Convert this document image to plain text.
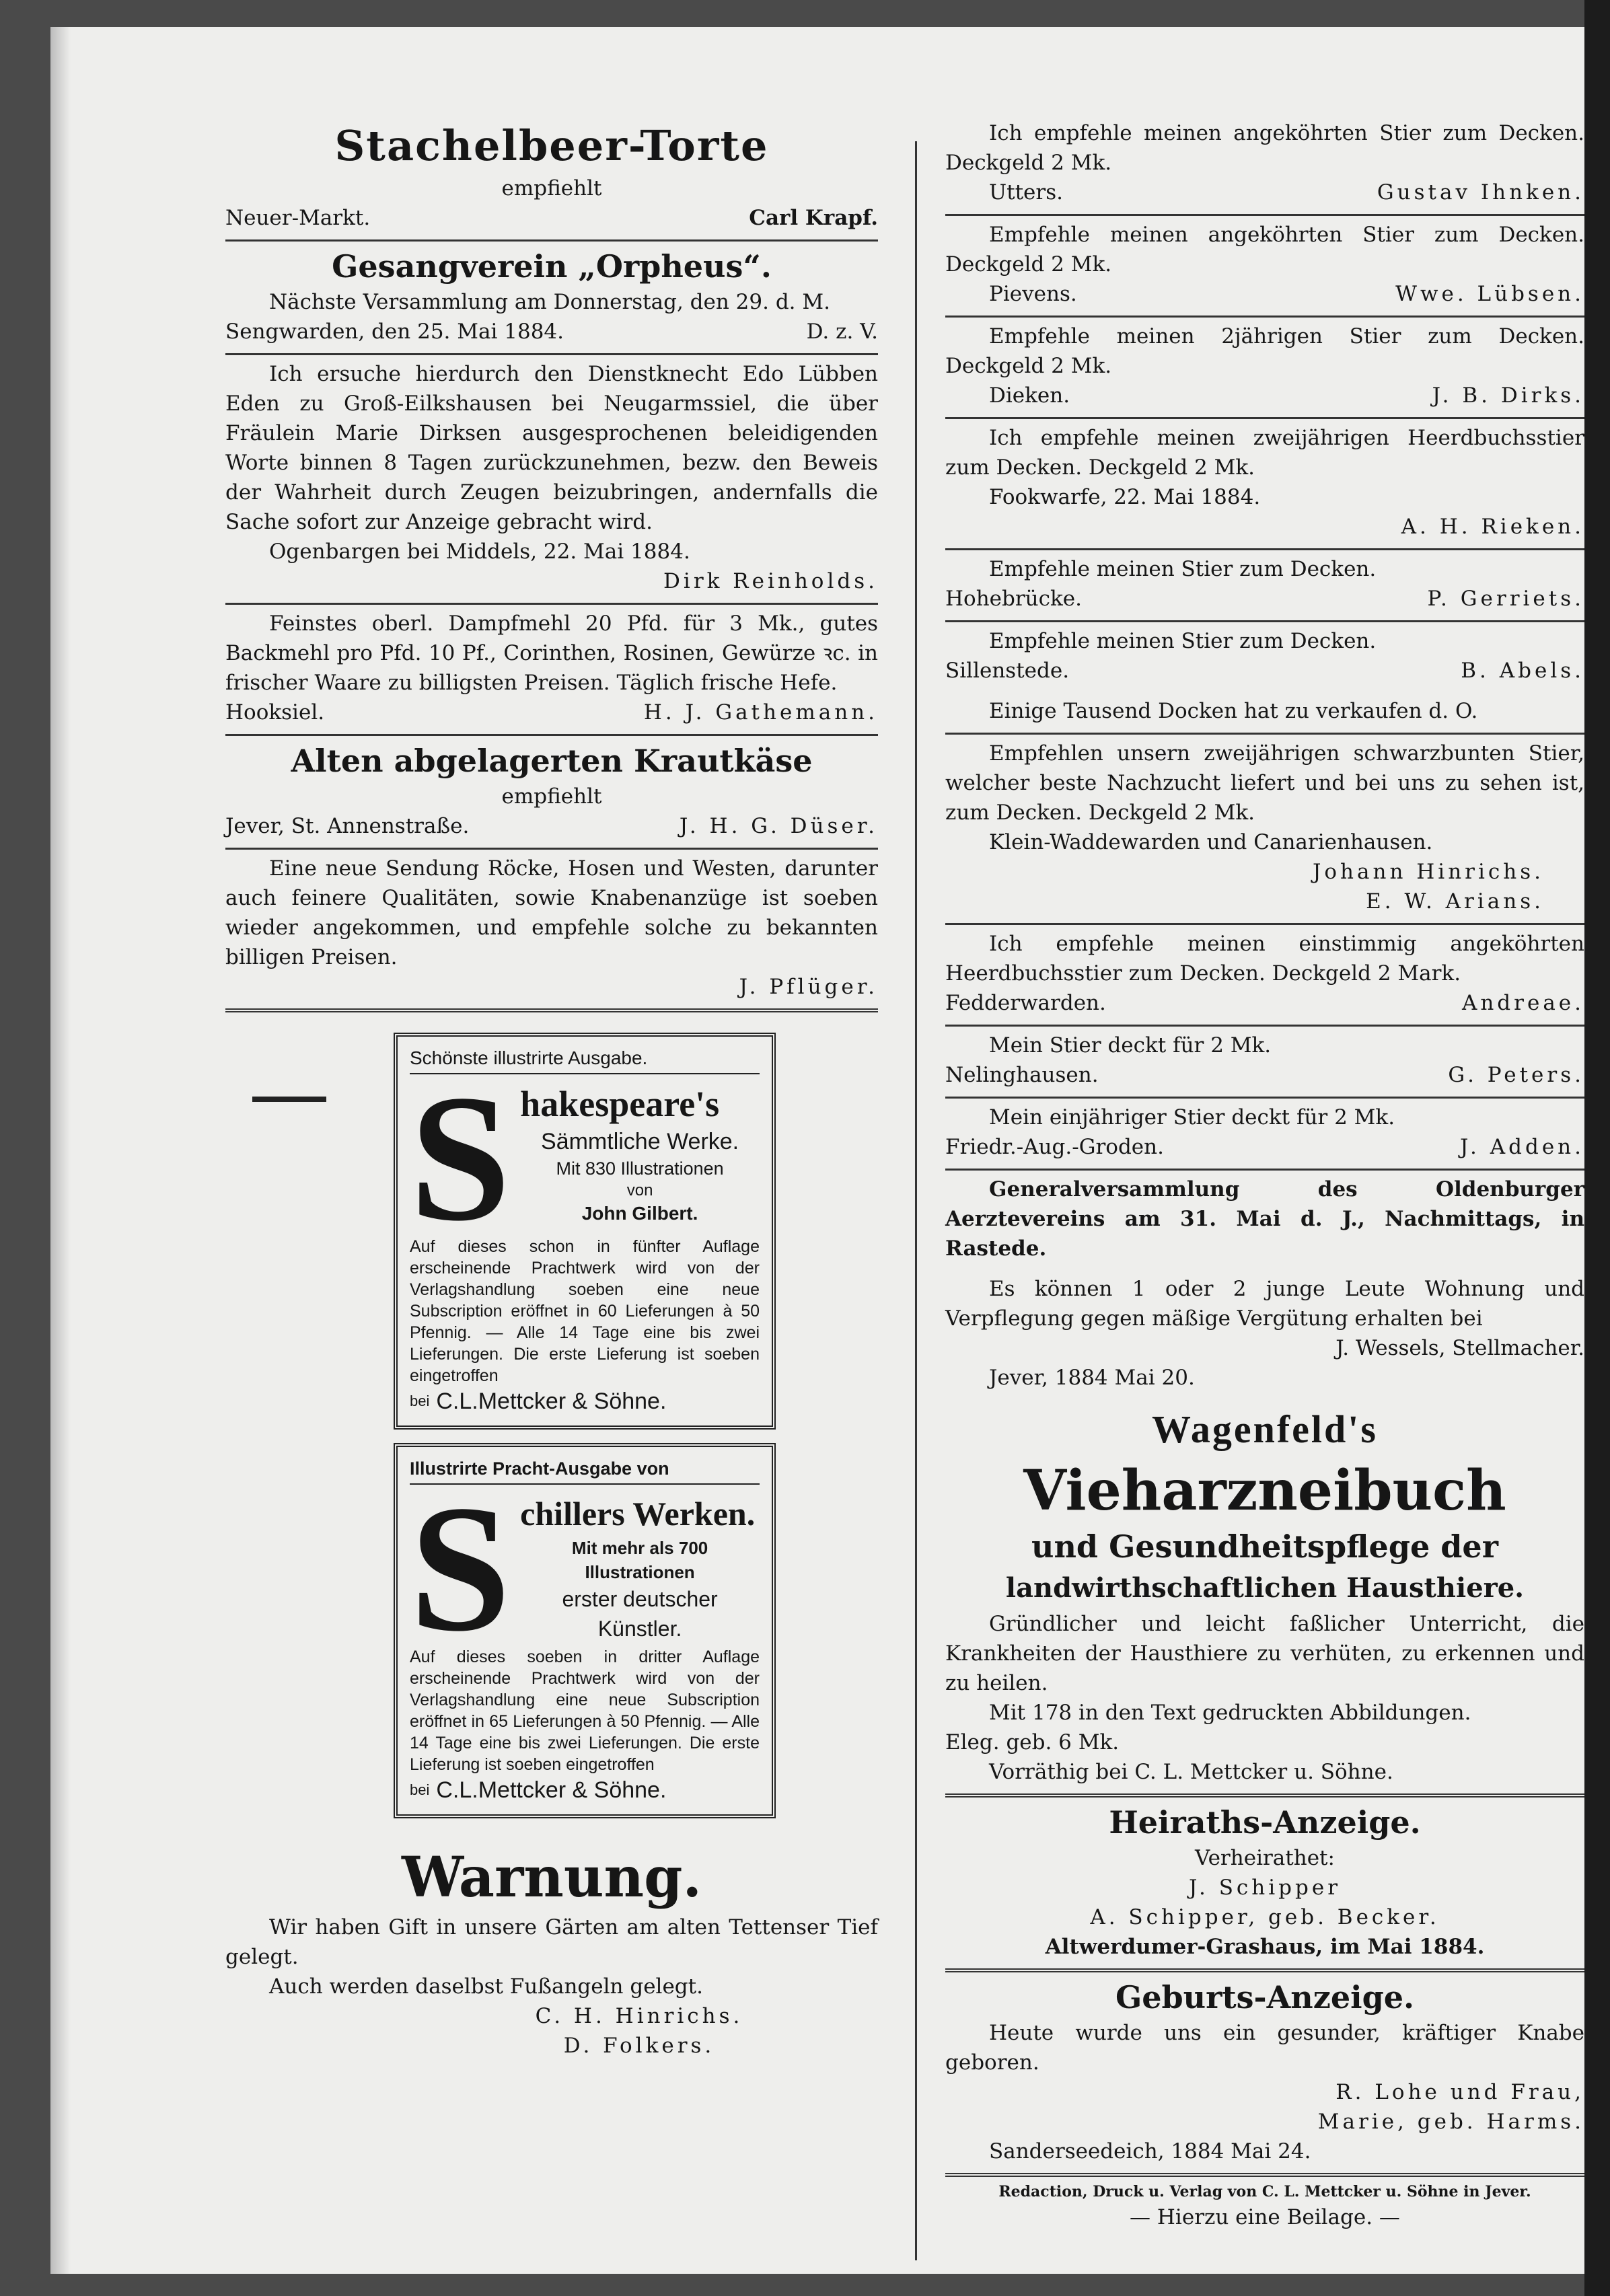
Stachelbeer-Torte

empfiehlt

Neuer-Markt.	Carl Krapf.

Gesangverein „Orpheus“.

Nächste Versammlung am Donnerstag, den 29. d. M.

Sengwarden, den 25. Mai 1884.	D. z. V.

Ich ersuche hierdurch den Dienstknecht Edo Lübben Eden zu Groß-Eilkshausen bei Neugarmssiel, die über Fräulein Marie Dirksen ausgesprochenen beleidigenden Worte binnen 8 Tagen zurückzunehmen, bezw. den Beweis der Wahrheit durch Zeugen beizubringen, andernfalls die Sache sofort zur Anzeige gebracht wird.

Ogenbargen bei Middels, 22. Mai 1884.

Dirk Reinholds.

Feinstes oberl. Dampfmehl 20 Pfd. für 3 Mk., gutes Backmehl pro Pfd. 10 Pf., Corinthen, Rosinen, Gewürze ꝛc. in frischer Waare zu billigsten Preisen. Täglich frische Hefe.

Hooksiel.	H. J. Gathemann.

Alten abgelagerten Krautkäse

empfiehlt

Jever, St. Annenstraße.	J. H. G. Düser.

Eine neue Sendung Röcke, Hosen und Westen, darunter auch feinere Qualitäten, sowie Knabenanzüge ist soeben wieder angekommen, und empfehle solche zu bekannten billigen Preisen.

J. Pflüger.

Schönste illustrirte Ausgabe.

S hakespeare's

Sämmtliche Werke.

Mit 830 Illustrationen

von

John Gilbert.

Auf dieses schon in fünfter Auflage erscheinende Prachtwerk wird von der Verlagshandlung soeben eine neue Subscription eröffnet in 60 Lieferungen à 50 Pfennig. — Alle 14 Tage eine bis zwei Lieferungen. Die erste Lieferung ist soeben eingetroffen

bei C.L.Mettcker & Söhne.

Illustrirte Pracht-Ausgabe von

S chillers Werken.

Mit mehr als 700 Illustrationen

erster deutscher Künstler.

Auf dieses soeben in dritter Auflage erscheinende Prachtwerk wird von der Verlagshandlung eine neue Subscription eröffnet in 65 Lieferungen à 50 Pfennig. — Alle 14 Tage eine bis zwei Lieferungen. Die erste Lieferung ist soeben eingetroffen

bei C.L.Mettcker & Söhne.

Warnung.

Wir haben Gift in unsere Gärten am alten Tettenser Tief gelegt.

Auch werden daselbst Fußangeln gelegt.

C. H. Hinrichs.

D. Folkers.

Ich empfehle meinen angeköhrten Stier zum Decken. Deckgeld 2 Mk.

Utters.	Gustav Ihnken.

Empfehle meinen angeköhrten Stier zum Decken. Deckgeld 2 Mk.

Pievens.	Wwe. Lübsen.

Empfehle meinen 2jährigen Stier zum Decken. Deckgeld 2 Mk.

Dieken.	J. B. Dirks.

Ich empfehle meinen zweijährigen Heerdbuchsstier zum Decken. Deckgeld 2 Mk.

Fookwarfe, 22. Mai 1884.

A. H. Rieken.

Empfehle meinen Stier zum Decken.

Hohebrücke.	P. Gerriets.

Empfehle meinen Stier zum Decken.

Sillenstede.	B. Abels.

Einige Tausend Docken hat zu verkaufen d. O.

Empfehlen unsern zweijährigen schwarzbunten Stier, welcher beste Nachzucht liefert und bei uns zu sehen ist, zum Decken. Deckgeld 2 Mk.

Klein-Waddewarden und Canarienhausen.

Johann Hinrichs.

E. W. Arians.

Ich empfehle meinen einstimmig angeköhrten Heerdbuchsstier zum Decken. Deckgeld 2 Mark.

Fedderwarden.	Andreae.

Mein Stier deckt für 2 Mk.

Nelinghausen.	G. Peters.

Mein einjähriger Stier deckt für 2 Mk.

Friedr.-Aug.-Groden.	J. Adden.

Generalversammlung des Oldenburger Aerztevereins am 31. Mai d. J., Nachmittags, in Rastede.

Es können 1 oder 2 junge Leute Wohnung und Verpflegung gegen mäßige Vergütung erhalten bei

J. Wessels, Stellmacher.

Jever, 1884 Mai 20.

Wagenfeld's

Vieharzneibuch

und Gesundheitspflege der

landwirthschaftlichen Hausthiere.

Gründlicher und leicht faßlicher Unterricht, die Krankheiten der Hausthiere zu verhüten, zu erkennen und zu heilen.

Mit 178 in den Text gedruckten Abbildungen.

Eleg. geb. 6 Mk.

Vorräthig bei C. L. Mettcker u. Söhne.

Heiraths-Anzeige.

Verheirathet:

J. Schipper

A. Schipper, geb. Becker.

Altwerdumer-Grashaus, im Mai 1884.

Geburts-Anzeige.

Heute wurde uns ein gesunder, kräftiger Knabe geboren.

R. Lohe und Frau,

Marie, geb. Harms.

Sanderseedeich, 1884 Mai 24.

Redaction, Druck u. Verlag von C. L. Mettcker u. Söhne in Jever.

— Hierzu eine Beilage. —
